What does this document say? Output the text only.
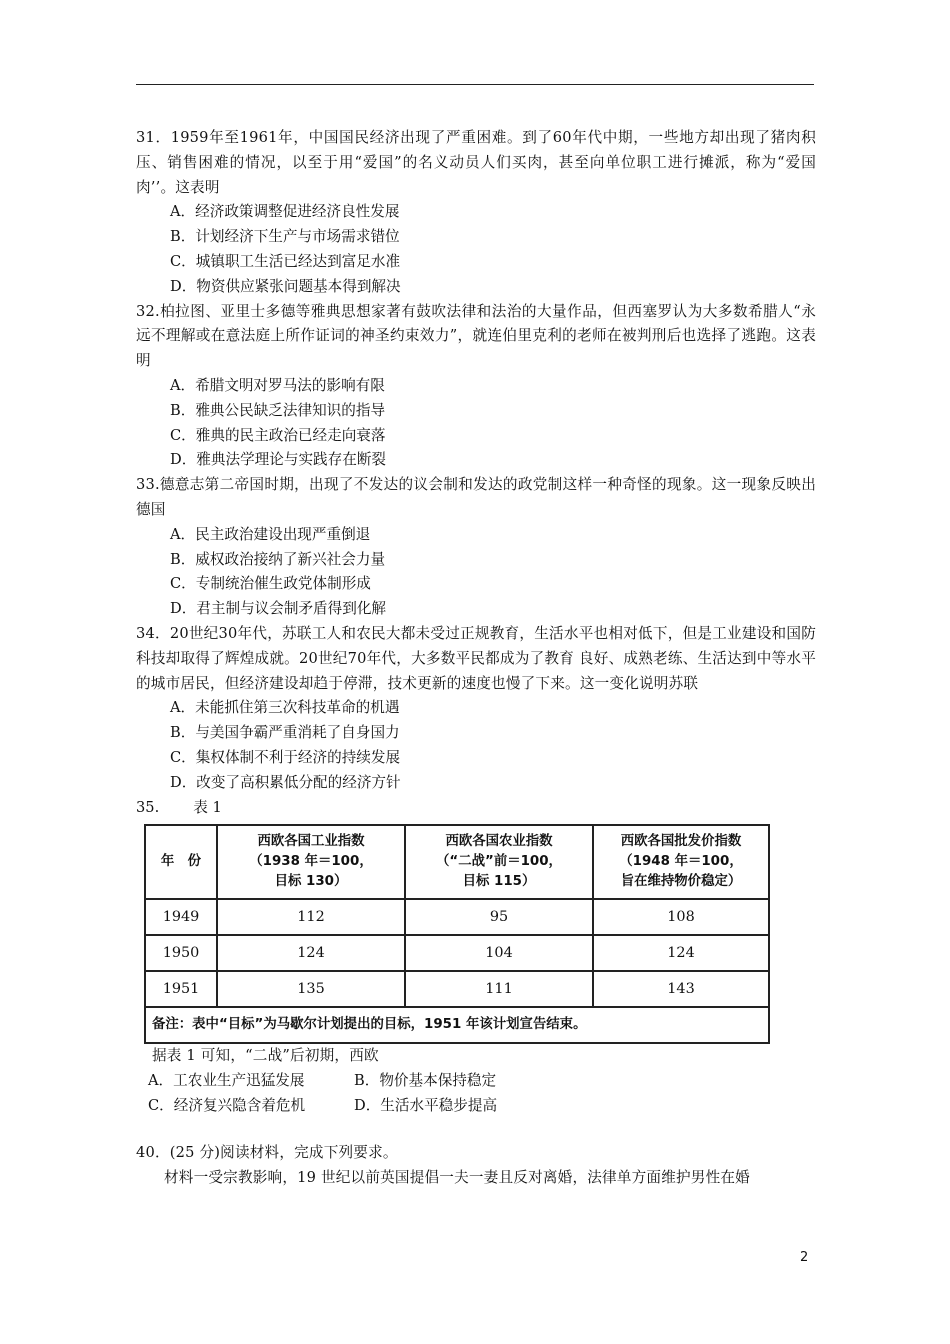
31．1959年至1961年，中国国民经济出现了严重困难。到了60年代中期，一些地方却出现了猪肉积压、销售困难的情况，以至于用“爱国”的名义动员人们买肉，甚至向单位职工进行摊派，称为“爱国肉’’。这表明

A．经济政策调整促进经济良性发展

B．计划经济下生产与市场需求错位

C．城镇职工生活已经达到富足水准

D．物资供应紧张问题基本得到解决

32.柏拉图、亚里士多德等雅典思想家著有鼓吹法律和法治的大量作品，但西塞罗认为大多数希腊人“永远不理解或在意法庭上所作证词的神圣约束效力”，就连伯里克利的老师在被判刑后也选择了逃跑。这表明

A．希腊文明对罗马法的影响有限

B．雅典公民缺乏法律知识的指导

C．雅典的民主政治已经走向衰落

D．雅典法学理论与实践存在断裂

33.德意志第二帝国时期，出现了不发达的议会制和发达的政党制这样一种奇怪的现象。这一现象反映出德国

A．民主政治建设出现严重倒退

B．威权政治接纳了新兴社会力量

C．专制统治催生政党体制形成

D．君主制与议会制矛盾得到化解

34．20世纪30年代，苏联工人和农民大都未受过正规教育，生活水平也相对低下，但是工业建设和国防科技却取得了辉煌成就。20世纪70年代，大多数平民都成为了教育 良好、成熟老练、生活达到中等水平的城市居民，但经济建设却趋于停滞，技术更新的速度也慢了下来。这一变化说明苏联

A．未能抓住第三次科技革命的机遇

B．与美国争霸严重消耗了自身国力

C．集权体制不利于经济的持续发展

D．改变了高积累低分配的经济方针

35. 表 1

年　份	西欧各国工业指数
（1938 年＝100，
目标 130）	西欧各国农业指数
（“二战”前＝100，
目标 115）	西欧各国批发价指数
（1948 年＝100，
旨在维持物价稳定）
1949	112	95	108
1950	124	104	124
1951	135	111	143
备注：表中“目标”为马歇尔计划提出的目标，1951 年该计划宣告结束。			

据表 1 可知，“二战”后初期，西欧

A．工农业生产迅猛发展	B．物价基本保持稳定

C．经济复兴隐含着危机	D．生活水平稳步提高

40．(25 分)阅读材料，完成下列要求。

材料一受宗教影响，19 世纪以前英国提倡一夫一妻且反对离婚，法律单方面维护男性在婚

2
